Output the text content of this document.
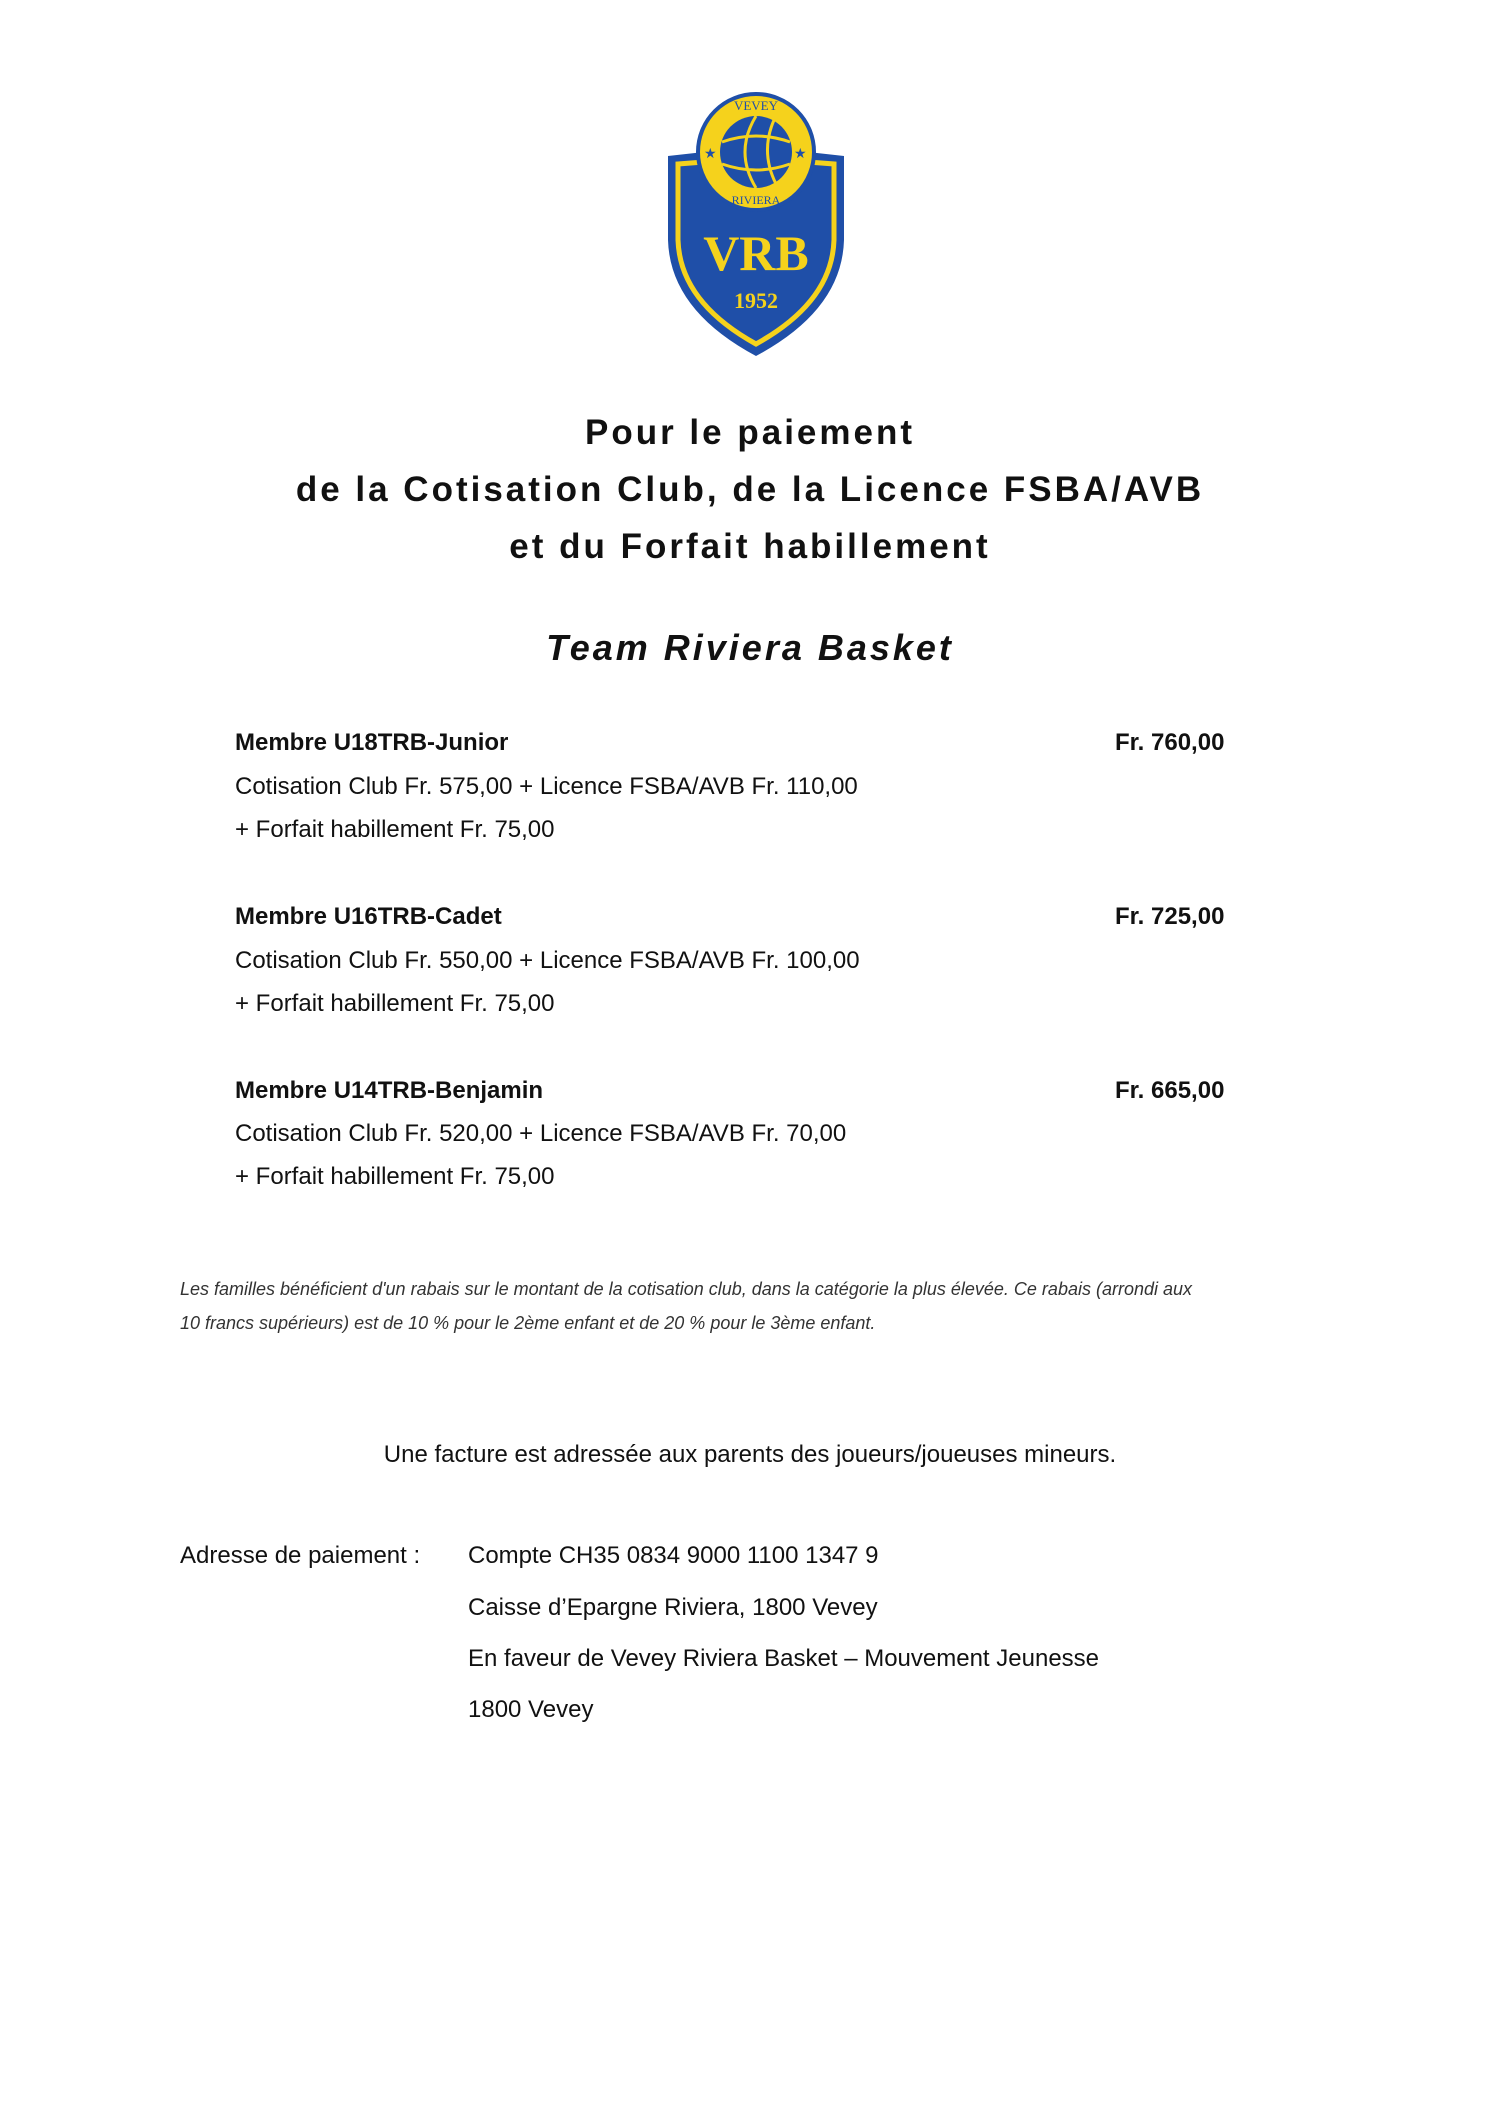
VEVEY
RIVIERA
★	★
VRB
1952
Pour le paiement
de la Cotisation Club, de la Licence FSBA/AVB
et du Forfait habillement
Team Riviera Basket
Membre U18TRB-Junior	Fr. 760,00
Cotisation Club Fr. 575,00 + Licence FSBA/AVB Fr. 110,00
+ Forfait habillement Fr. 75,00
Membre U16TRB-Cadet	Fr. 725,00
Cotisation Club Fr. 550,00 + Licence FSBA/AVB Fr. 100,00
+ Forfait habillement Fr. 75,00
Membre U14TRB-Benjamin	Fr. 665,00
Cotisation Club Fr. 520,00 + Licence FSBA/AVB Fr. 70,00
+ Forfait habillement Fr. 75,00
Les familles bénéficient d'un rabais sur le montant de la cotisation club, dans la catégorie la plus élevée. Ce rabais (arrondi aux
10 francs supérieurs) est de 10 % pour le 2ème enfant et de 20 % pour le 3ème enfant.
Une facture est adressée aux parents des joueurs/joueuses mineurs.
Adresse de paiement : Compte CH35 0834 9000 1100 1347 9
Caisse d’Epargne Riviera, 1800 Vevey
En faveur de Vevey Riviera Basket – Mouvement Jeunesse
1800 Vevey
